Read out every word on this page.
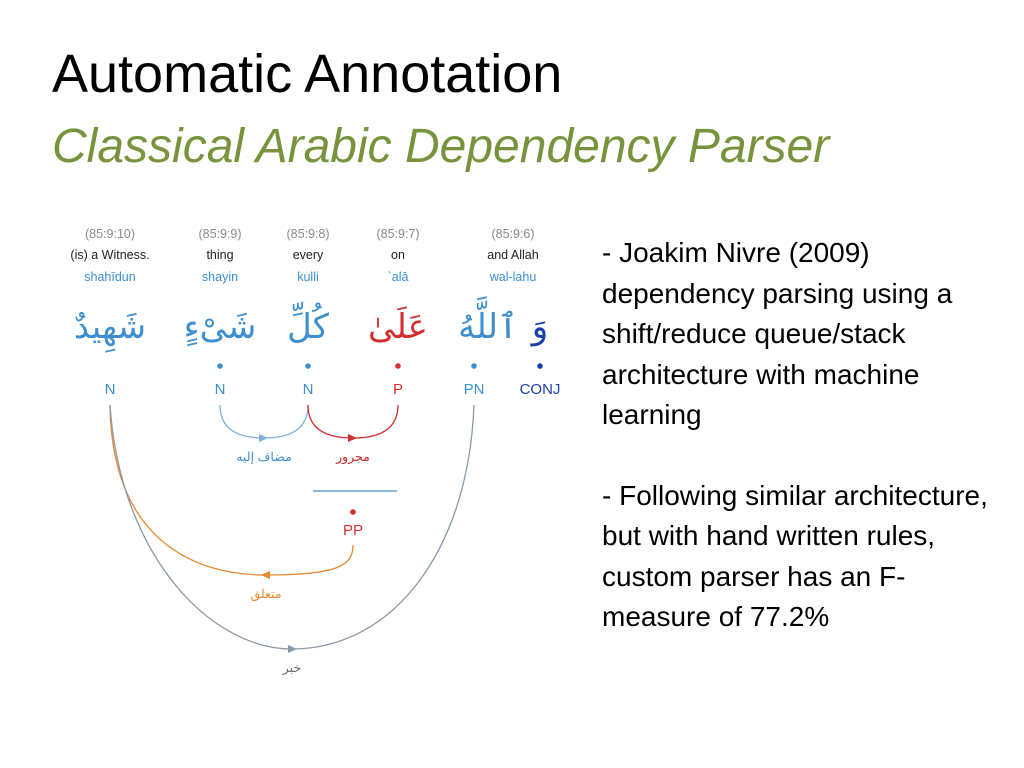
Automatic Annotation
Classical Arabic Dependency Parser
(85:9:10)
(is) a Witness.
shahīdun
شَهِيدٌ
N
(85:9:9)
thing
shayin
شَىْءٍ
N
(85:9:8)
every
kulli
كُلِّ
N
(85:9:7)
on
`alā
عَلَىٰ
P
(85:9:6)
and Allah
wal-lahu
ٱللَّهُ وَ
PN CONJ
مضاف إليه	مجرور
PP
متعلق
خبر

- Joakim Nivre (2009) dependency parsing using a shift/reduce queue/stack architecture with machine learning

- Following similar architecture, but with hand written rules, custom parser has an F-measure of 77.2%
